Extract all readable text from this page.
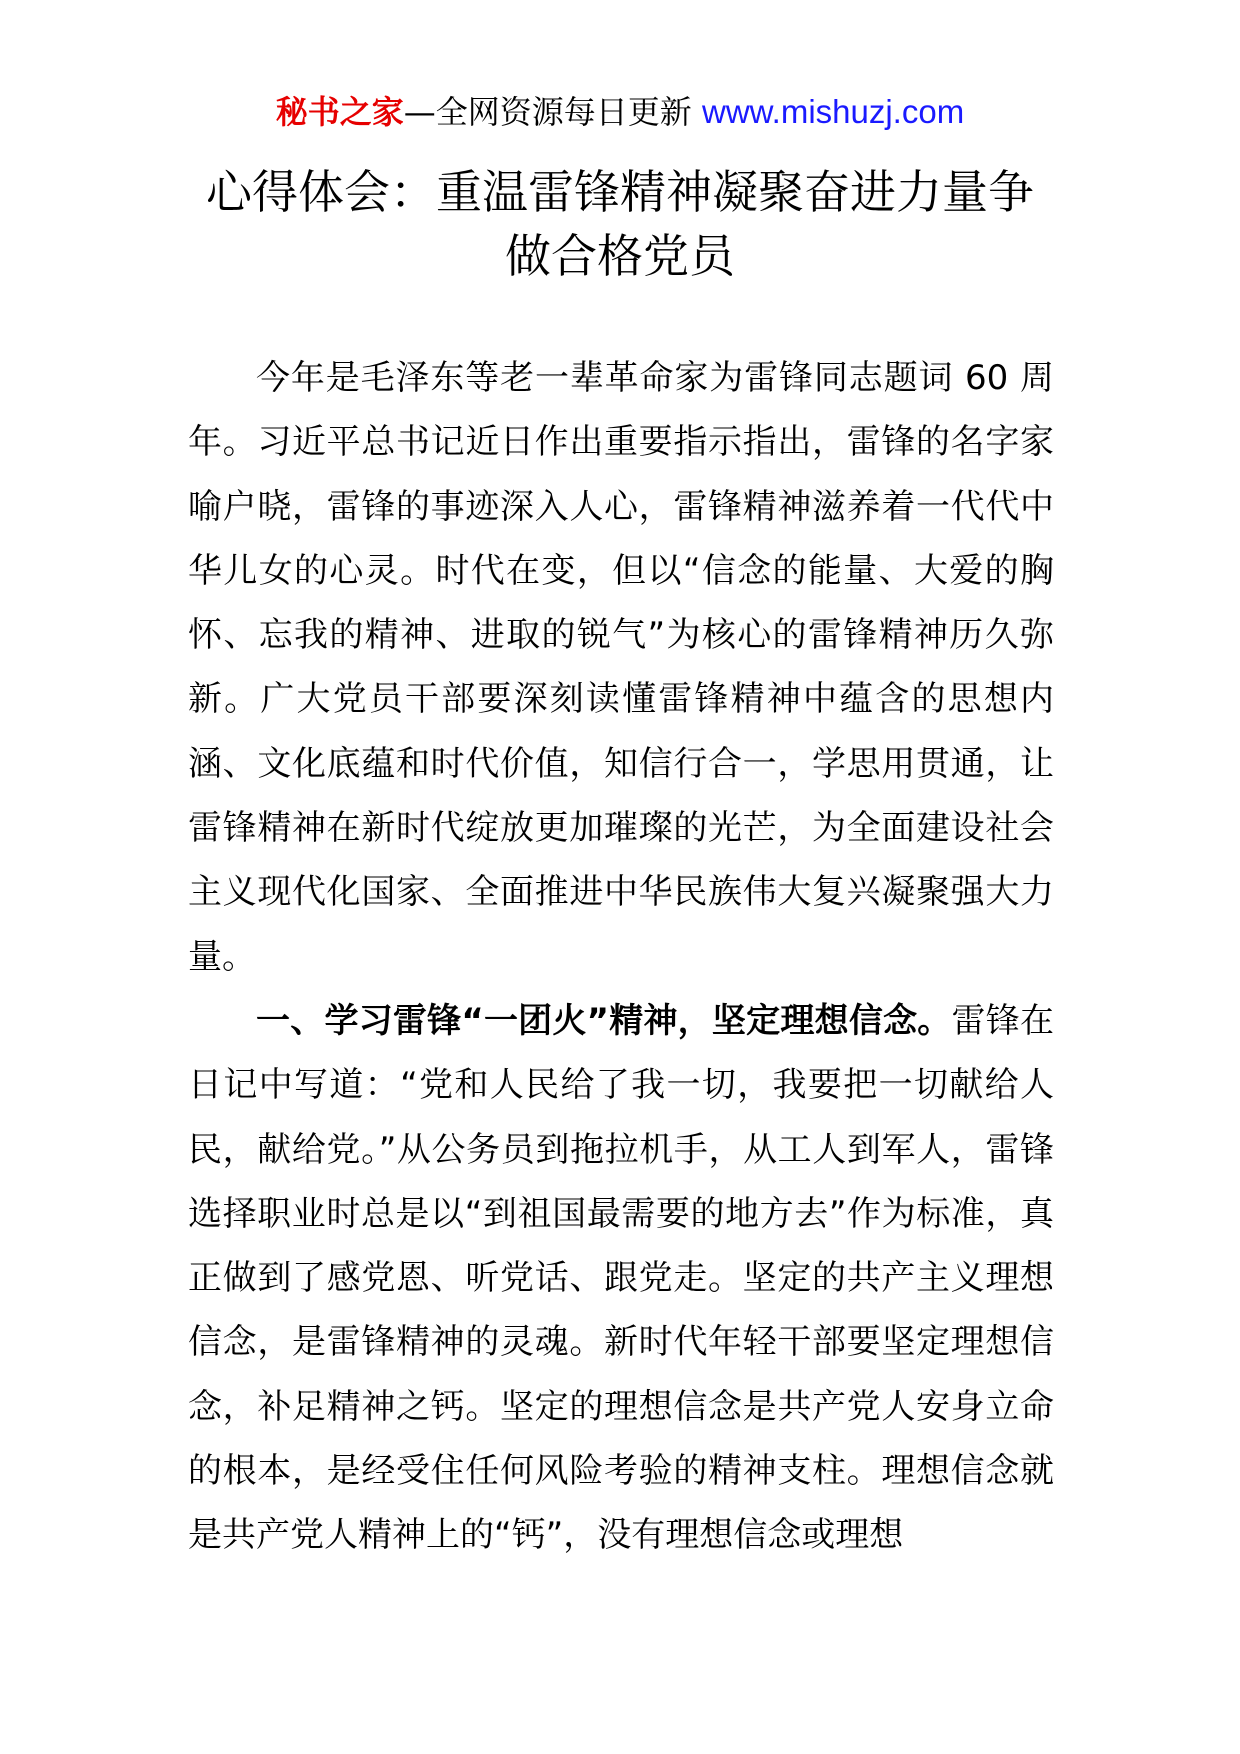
秘书之家—全网资源每日更新 www.mishuzj.com
心得体会：重温雷锋精神凝聚奋进力量争
做合格党员

今年是毛泽东等老一辈革命家为雷锋同志题词 60 周年。习近平总书记近日作出重要指示指出，雷锋的名字家喻户晓，雷锋的事迹深入人心，雷锋精神滋养着一代代中华儿女的心灵。时代在变，但以“信念的能量、大爱的胸怀、忘我的精神、进取的锐气”为核心的雷锋精神历久弥新。广大党员干部要深刻读懂雷锋精神中蕴含的思想内涵、文化底蕴和时代价值，知信行合一，学思用贯通，让雷锋精神在新时代绽放更加璀璨的光芒，为全面建设社会主义现代化国家、全面推进中华民族伟大复兴凝聚强大力量。

一、学习雷锋“一团火”精神，坚定理想信念。雷锋在日记中写道：“党和人民给了我一切，我要把一切献给人民，献给党。”从公务员到拖拉机手，从工人到军人，雷锋选择职业时总是以“到祖国最需要的地方去”作为标准，真正做到了感党恩、听党话、跟党走。坚定的共产主义理想信念，是雷锋精神的灵魂。新时代年轻干部要坚定理想信念，补足精神之钙。坚定的理想信念是共产党人安身立命的根本，是经受住任何风险考验的精神支柱。理想信念就是共产党人精神上的“钙”，没有理想信念或理想
